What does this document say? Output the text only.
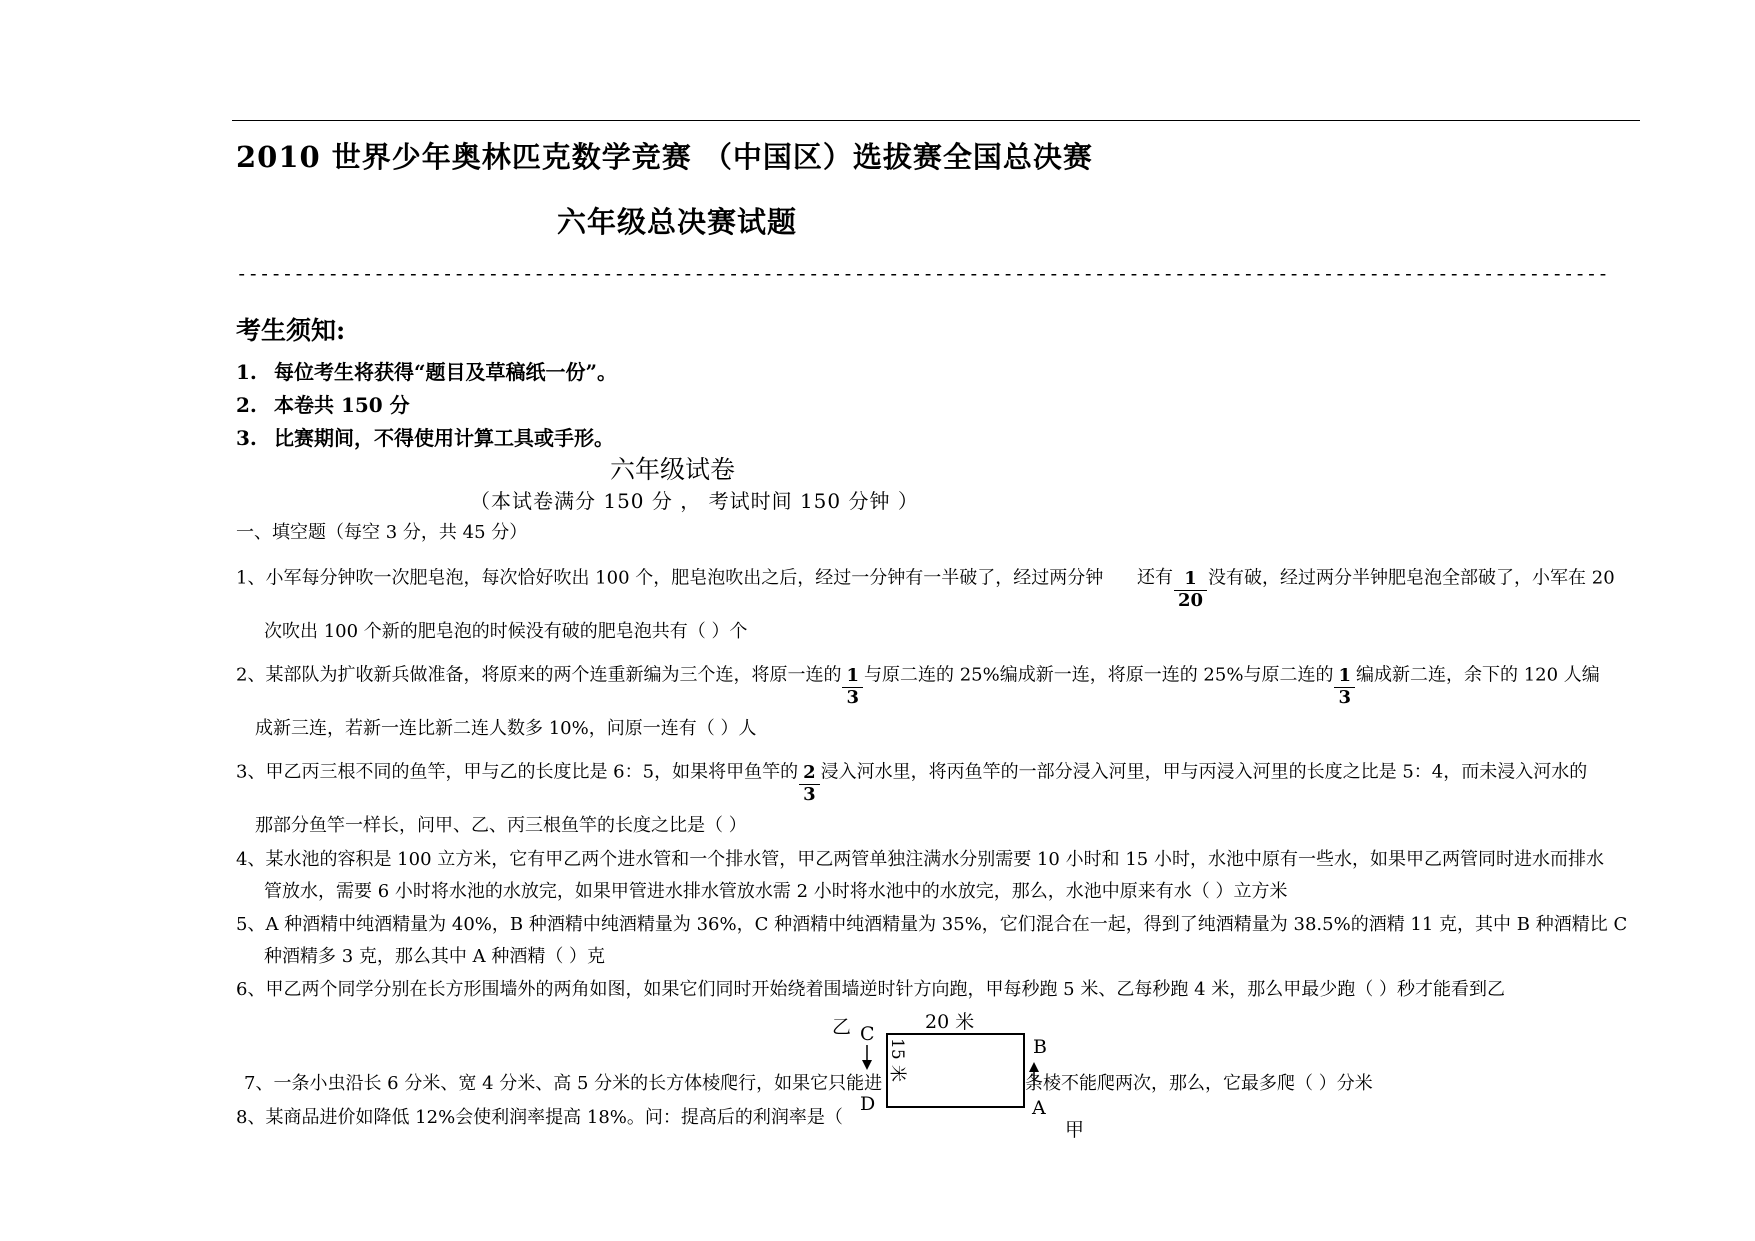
2010 世界少年奥林匹克数学竞赛 （中国区）选拔赛全国总决赛
六年级总决赛试题
------------------------------------------------------------------------------------------------------------------------
考生须知:
1. 每位考生将获得“题目及草稿纸一份”。
2. 本卷共 150 分
3. 比赛期间，不得使用计算工具或手形。
六年级试卷
（本试卷满分 150 分 ， 考试时间 150 分钟 ）
一、填空题（每空 3 分，共 45 分）
1、小军每分钟吹一次肥皂泡，每次恰好吹出 100 个，肥皂泡吹出之后，经过一分钟有一半破了，经过两分钟 还有 $\frac{1}{20}$ 没有破，经过两分半钟肥皂泡全部破了，小军在 20
次吹出 100 个新的肥皂泡的时候没有破的肥皂泡共有（ ）个
2、某部队为扩收新兵做准备，将原来的两个连重新编为三个连，将原一连的 $\frac{1}{3}$ 与原二连的 25%编成新一连，将原一连的 25%与原二连的 $\frac{1}{3}$ 编成新二连，余下的 120 人编
成新三连，若新一连比新二连人数多 10%，问原一连有（ ）人
3、甲乙丙三根不同的鱼竿，甲与乙的长度比是 6：5，如果将甲鱼竿的 $\frac{2}{3}$ 浸入河水里，将丙鱼竿的一部分浸入河里，甲与丙浸入河里的长度之比是 5：4，而未浸入河水的
那部分鱼竿一样长，问甲、乙、丙三根鱼竿的长度之比是（ ）
4、某水池的容积是 100 立方米，它有甲乙两个进水管和一个排水管，甲乙两管单独注满水分别需要 10 小时和 15 小时，水池中原有一些水，如果甲乙两管同时进水而排水
管放水，需要 6 小时将水池的水放完，如果甲管进水排水管放水需 2 小时将水池中的水放完，那么，水池中原来有水（ ）立方米
5、A 种酒精中纯酒精量为 40%，B 种酒精中纯酒精量为 36%，C 种酒精中纯酒精量为 35%，它们混合在一起，得到了纯酒精量为 38.5%的酒精 11 克，其中 B 种酒精比 C
种酒精多 3 克，那么其中 A 种酒精（ ）克
6、甲乙两个同学分别在长方形围墙外的两角如图，如果它们同时开始绕着围墙逆时针方向跑，甲每秒跑 5 米、乙每秒跑 4 米，那么甲最少跑（ ）秒才能看到乙
7、一条小虫沿长 6 分米、宽 4 分米、高 5 分米的长方体棱爬行，如果它只能进	条棱不能爬两次，那么，它最多爬（ ）分米
8、某商品进价如降低 12%会使利润率提高 18%。问：提高后的利润率是（
乙 C
20 米
15 米	B
D	A
甲
